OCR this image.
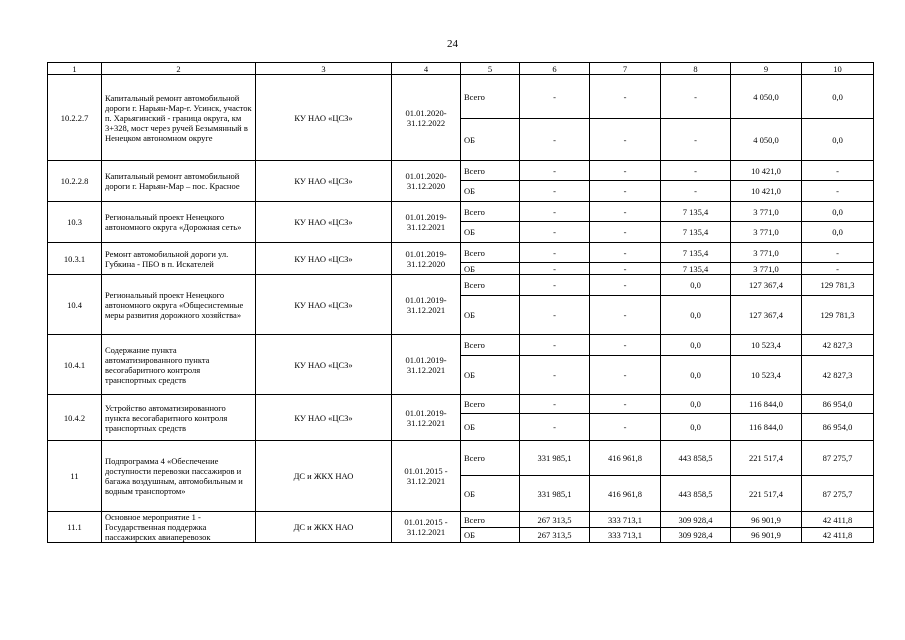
24
1	2	3	4	5	6	7	8	9	10
10.2.2.7	Капитальный ремонт автомобильной дороги г. Нарьян-Мар-г. Усинск, участок п. Харьягинский - граница округа, км 3+328, мост через ручей Безымянный в Ненецком автономном округе	КУ НАО «ЦСЗ»	01.01.2020-31.12.2022	Всего	-	-	-	4 050,0	0,0
				ОБ	-	-	-	4 050,0	0,0
10.2.2.8	Капитальный ремонт автомобильной дороги г. Нарьян-Мар – пос. Красное	КУ НАО «ЦСЗ»	01.01.2020-31.12.2020	Всего	-	-	-	10 421,0	-
				ОБ	-	-	-	10 421,0	-
10.3	Региональный проект Ненецкого автономного округа «Дорожная сеть»	КУ НАО «ЦСЗ»	01.01.2019-31.12.2021	Всего	-	-	7 135,4	3 771,0	0,0
				ОБ	-	-	7 135,4	3 771,0	0,0
10.3.1	Ремонт автомобильной дороги ул. Губкина - ПБО в п. Искателей	КУ НАО «ЦСЗ»	01.01.2019-31.12.2020	Всего	-	-	7 135,4	3 771,0	-
				ОБ	-	-	7 135,4	3 771,0	-
10.4	Региональный проект Ненецкого автономного округа «Общесистемные меры развития дорожного хозяйства»	КУ НАО «ЦСЗ»	01.01.2019-31.12.2021	Всего	-	-	0,0	127 367,4	129 781,3
				ОБ	-	-	0,0	127 367,4	129 781,3
10.4.1	Содержание пункта автоматизированного пункта весогабаритного контроля транспортных средств	КУ НАО «ЦСЗ»	01.01.2019-31.12.2021	Всего	-	-	0,0	10 523,4	42 827,3
				ОБ	-	-	0,0	10 523,4	42 827,3
10.4.2	Устройство автоматизированного пункта весогабаритного контроля транспортных средств	КУ НАО «ЦСЗ»	01.01.2019-31.12.2021	Всего	-	-	0,0	116 844,0	86 954,0
				ОБ	-	-	0,0	116 844,0	86 954,0
11	Подпрограмма 4 «Обеспечение доступности перевозки пассажиров и багажа воздушным, автомобильным и водным транспортом»	ДС и ЖКХ НАО	01.01.2015 - 31.12.2021	Всего	331 985,1	416 961,8	443 858,5	221 517,4	87 275,7
				ОБ	331 985,1	416 961,8	443 858,5	221 517,4	87 275,7
11.1	Основное мероприятие 1 - Государственная поддержка пассажирских авиаперевозок	ДС и ЖКХ НАО	01.01.2015 - 31.12.2021	Всего	267 313,5	333 713,1	309 928,4	96 901,9	42 411,8
				ОБ	267 313,5	333 713,1	309 928,4	96 901,9	42 411,8
